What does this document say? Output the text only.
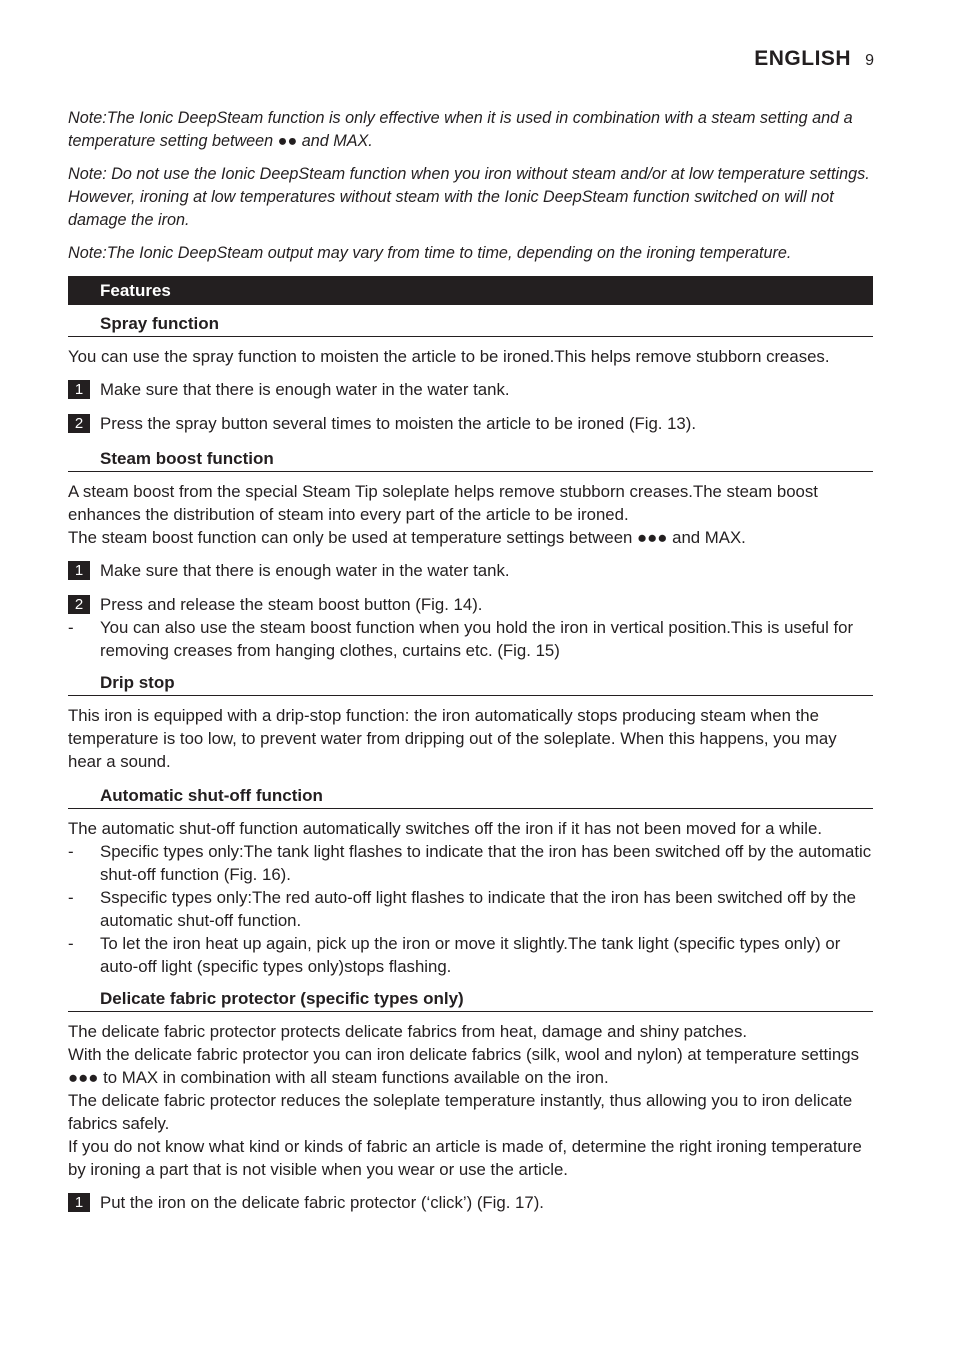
ENGLISH 9

Note:The Ionic DeepSteam function is only effective when it is used in combination with a steam setting and a temperature setting between ●● and MAX.

Note: Do not use the Ionic DeepSteam function when you iron without steam and/or at low temperature settings. However, ironing at low temperatures without steam with the Ionic DeepSteam function switched on will not damage the iron.

Note:The Ionic DeepSteam output may vary from time to time, depending on the ironing temperature.

Features
Spray function

You can use the spray function to moisten the article to be ironed.This helps remove stubborn creases.

1	Make sure that there is enough water in the water tank.
2	Press the spray button several times to moisten the article to be ironed (Fig. 13).
Steam boost function

A steam boost from the special Steam Tip soleplate helps remove stubborn creases.The steam boost enhances the distribution of steam into every part of the article to be ironed.

The steam boost function can only be used at temperature settings between ●●● and MAX.

1	Make sure that there is enough water in the water tank.
2	Press and release the steam boost button (Fig. 14).
-	You can also use the steam boost function when you hold the iron in vertical position.This is useful for removing creases from hanging clothes, curtains etc. (Fig. 15)
Drip stop

This iron is equipped with a drip-stop function: the iron automatically stops producing steam when the temperature is too low, to prevent water from dripping out of the soleplate. When this happens, you may hear a sound.

Automatic shut-off function

The automatic shut-off function automatically switches off the iron if it has not been moved for a while.

-	Specific types only:The tank light flashes to indicate that the iron has been switched off by the automatic shut-off function (Fig. 16).
-	Sspecific types only:The red auto-off light flashes to indicate that the iron has been switched off by the automatic shut-off function.
-	To let the iron heat up again, pick up the iron or move it slightly.The tank light (specific types only) or auto-off light (specific types only)stops flashing.
Delicate fabric protector (specific types only)

The delicate fabric protector protects delicate fabrics from heat, damage and shiny patches.

With the delicate fabric protector you can iron delicate fabrics (silk, wool and nylon) at temperature settings ●●● to MAX in combination with all steam functions available on the iron.

The delicate fabric protector reduces the soleplate temperature instantly, thus allowing you to iron delicate fabrics safely.

If you do not know what kind or kinds of fabric an article is made of, determine the right ironing temperature by ironing a part that is not visible when you wear or use the article.

1	Put the iron on the delicate fabric protector (‘click’) (Fig. 17).
